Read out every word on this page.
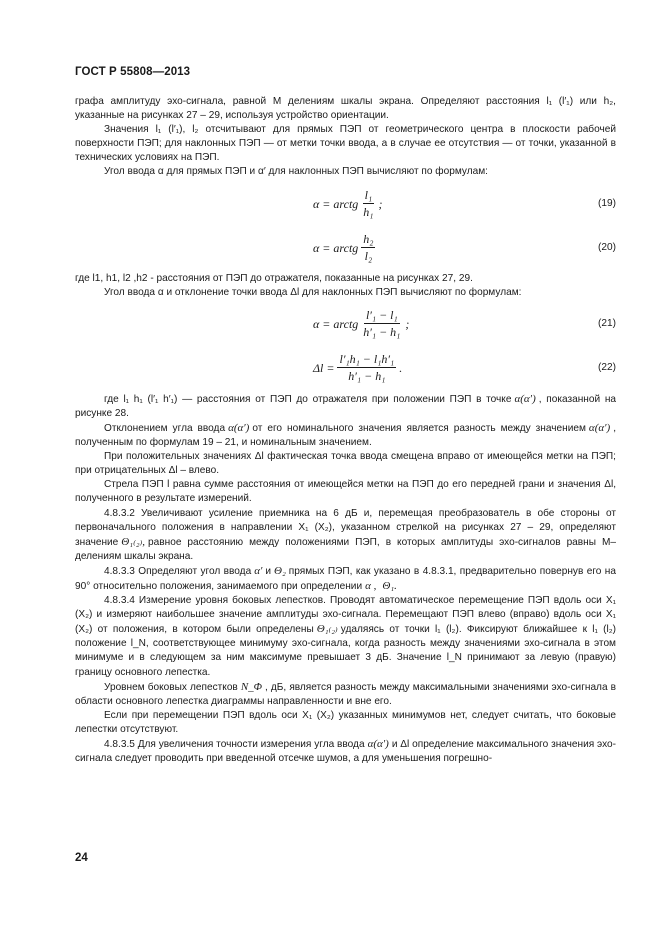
ГОСТ Р 55808—2013

графа амплитуду эхо-сигнала, равной M делениям шкалы экрана. Определяют расстояния l₁ (l′₁) или h₂, указанные на рисунках 27 – 29, используя устройство ориентации.

Значения l₁ (l′₁), l₂ отсчитывают для прямых ПЭП от геометрического центра в плоскости рабочей поверхности ПЭП; для наклонных ПЭП — от метки точки ввода, а в случае ее отсутствия — от точки, указанной в технических условиях на ПЭП.

Угол ввода α для прямых ПЭП и α′ для наклонных ПЭП вычисляют по формулам:

α = arctg $\frac{\text{l₁}}{\text{h₁}}$ ;	(19)
α = arctg $\frac{\text{h₂}}{\text{l₂}}$	(20)

где l1, h1, l2 ,h2 - расстояния от ПЭП до отражателя, показанные на рисунках 27, 29.

Угол ввода α и отклонение точки ввода Δl для наклонных ПЭП вычисляют по формулам:

α = arctg $\frac{\text{l′₁ − l₁}}{\text{h′₁ − h₁}}$ ;	(21)
$\Delta l = \frac{\text{l′₁h₁ − l₁h′₁}}{\text{h′₁ − h₁}}$ .	(22)

где l₁ h₁ (l′₁ h′₁) — расстояния от ПЭП до отражателя при положении ПЭП в точке α(α′) , показанной на рисунке 28.

Отклонением угла ввода α(α′) от его номинального значения является разность между значением α(α′) , полученным по формулам 19 – 21, и номинальным значением.

При положительных значениях Δl фактическая точка ввода смещена вправо от имеющейся метки на ПЭП; при отрицательных Δl – влево.

Стрела ПЭП l равна сумме расстояния от имеющейся метки на ПЭП до его передней грани и значения Δl, полученного в результате измерений.

4.8.3.2 Увеличивают усиление приемника на 6 дБ и, перемещая преобразователь в обе стороны от первоначального положения в направлении X₁ (X₂), указанном стрелкой на рисунках 27 – 29, определяют значение Θ₁₍₂₎, равное расстоянию между положениями ПЭП, в которых амплитуды эхо-сигналов равны M– делениям шкалы экрана.

4.8.3.3 Определяют угол ввода α′ и Θ₂ прямых ПЭП, как указано в 4.8.3.1, предварительно повернув его на 90° относительно положения, занимаемого при определении α , Θ₁.

4.8.3.4 Измерение уровня боковых лепестков. Проводят автоматическое перемещение ПЭП вдоль оси X₁ (X₂) и измеряют наибольшее значение амплитуды эхо-сигнала. Перемещают ПЭП влево (вправо) вдоль оси X₁ (X₂) от положения, в котором были определены Θ₁₍₂₎ удаляясь от точки l₁ (l₂). Фиксируют ближайшее к l₁ (l₂) положение l_N, соответствующее минимуму эхо-сигнала, когда разность между значениями эхо-сигнала в этом минимуме и в следующем за ним максимуме превышает 3 дБ. Значение l_N принимают за левую (правую) границу основного лепестка.

Уровнем боковых лепестков N_Φ , дБ, является разность между максимальными значениями эхо-сигнала в области основного лепестка диаграммы направленности и вне его.

Если при перемещении ПЭП вдоль оси X₁ (X₂) указанных минимумов нет, следует считать, что боковые лепестки отсутствуют.

4.8.3.5 Для увеличения точности измерения угла ввода α(α′) и Δl определение максимального значения эхо-сигнала следует проводить при введенной отсечке шумов, а для уменьшения погрешно-

24
